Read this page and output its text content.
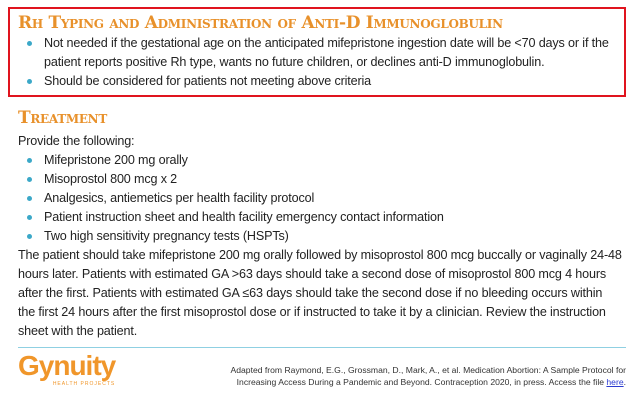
Rh Typing and Administration of Anti-D Immunoglobulin
Not needed if the gestational age on the anticipated mifepristone ingestion date will be <70 days or if the patient reports positive Rh type, wants no future children, or declines anti-D immunoglobulin.
Should be considered for patients not meeting above criteria
Treatment
Provide the following:
Mifepristone 200 mg orally
Misoprostol 800 mcg x 2
Analgesics, antiemetics per health facility protocol
Patient instruction sheet and health facility emergency contact information
Two high sensitivity pregnancy tests (HSPTs)
The patient should take mifepristone 200 mg orally followed by misoprostol 800 mcg buccally or vaginally 24-48 hours later. Patients with estimated GA >63 days should take a second dose of misoprostol 800 mcg 4 hours after the first. Patients with estimated GA ≤63 days should take the second dose if no bleeding occurs within the first 24 hours after the first misoprostol dose or if instructed to take it by a clinician. Review the instruction sheet with the patient.
Gynuity
HEALTH PROJECTS
Adapted from Raymond, E.G., Grossman, D., Mark, A., et al. Medication Abortion: A Sample Protocol for
Increasing Access During a Pandemic and Beyond. Contraception 2020, in press. Access the file here.
